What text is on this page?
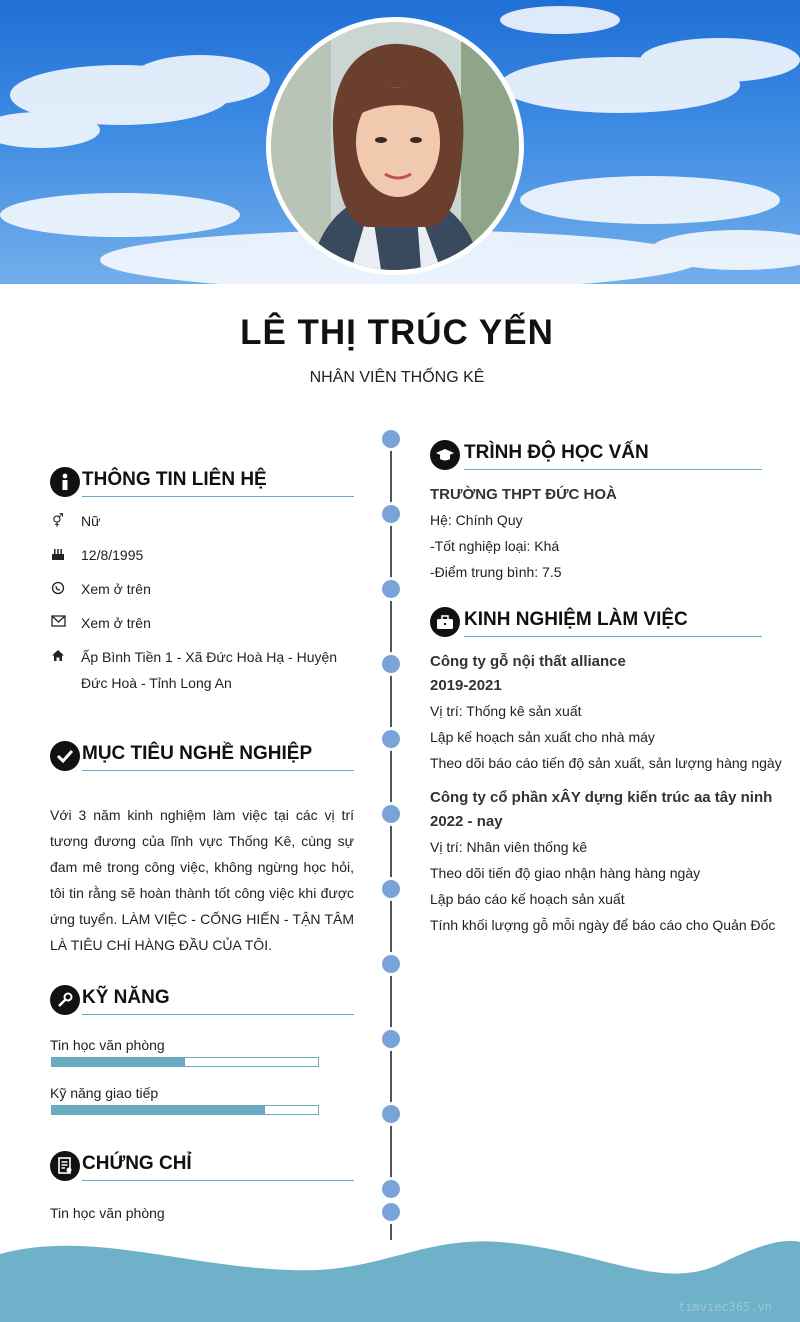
LÊ THỊ TRÚC YẾN
NHÂN VIÊN THỐNG KÊ
THÔNG TIN LIÊN HỆ
⚥ Nữ
12/8/1995
Xem ở trên
Xem ở trên
Ấp Bình Tiền 1 - Xã Đức Hoà Hạ - Huyện
Đức Hoà - Tỉnh Long An
MỤC TIÊU NGHỀ NGHIỆP
Với 3 năm kinh nghiệm làm việc tại các vị trí tương đương của lĩnh vực Thống Kê, cùng sự đam mê trong công việc, không ngừng học hỏi, tôi tin rằng sẽ hoàn thành tốt công việc khi được ứng tuyển. LÀM VIỆC - CỐNG HIẾN - TẬN TÂM LÀ TIÊU CHÍ HÀNG ĐẦU CỦA TÔI.
KỸ NĂNG
Tin học văn phòng
Kỹ năng giao tiếp
CHỨNG CHỈ
Tin học văn phòng
TRÌNH ĐỘ HỌC VẤN
TRƯỜNG THPT ĐỨC HOÀ
Hệ: Chính Quy
-Tốt nghiệp loại: Khá
-Điểm trung bình: 7.5
KINH NGHIỆM LÀM VIỆC
Công ty gỗ nội thất alliance
2019-2021
Vị trí: Thống kê sản xuất
Lập kế hoạch sản xuất cho nhà máy
Theo dõi báo cáo tiến độ sản xuất, sản lượng hàng ngày
Công ty cổ phần xÂY dựng kiến trúc aa tây ninh
2022 - nay
Vị trí: Nhân viên thống kê
Theo dõi tiến độ giao nhận hàng hàng ngày
Lập báo cáo kế hoạch sản xuất
Tính khối lượng gỗ mỗi ngày để báo cáo cho Quản Đốc
timviec365.vn
